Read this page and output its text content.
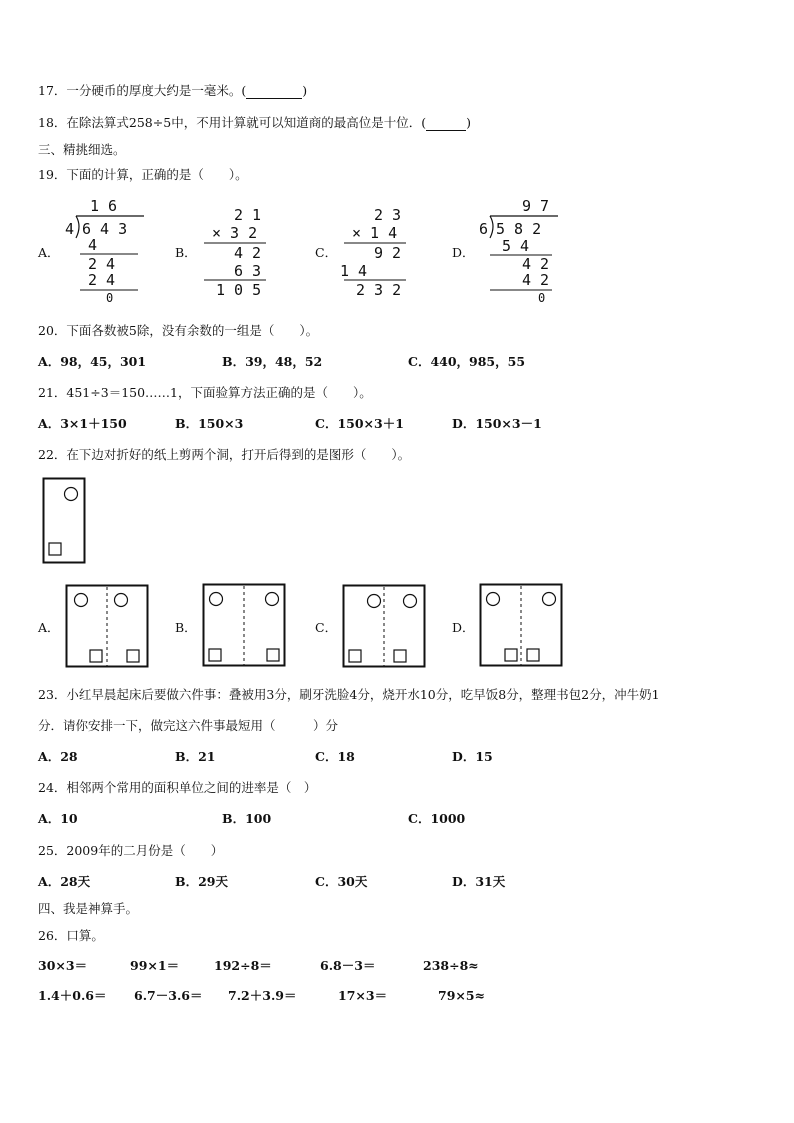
17．一分硬币的厚度大约是一毫米。(	)
18．在除法算式258÷5中，不用计算就可以知道商的最高位是十位．(	)
三、精挑细选。
19．下面的计算，正确的是（　　）。
A．
1 6
4 6 4 3
4
2 4
2 4
0
B．
2 1
× 3 2
4 2
6 3
1 0 5
C．
2 3
× 1 4
9 2
1 4
2 3 2
D．
9 7
6 5 8 2
5 4
4 2
4 2
0
20．下面各数被5除，没有余数的一组是（　　）。
A．98，45，301	B．39，48，52	C．440，985，55
21．451÷3＝150……1，下面验算方法正确的是（　　）。
A．3×1＋150	B．150×3	C．150×3＋1	D．150×3－1
22．在下边对折好的纸上剪两个洞，打开后得到的是图形（　　）。
A．	B．	C．	D．
23．小红早晨起床后要做六件事：叠被用3分，刷牙洗脸4分，烧开水10分，吃早饭8分，整理书包2分，冲牛奶1
分．请你安排一下，做完这六件事最短用（　　　）分
A．28	B．21	C．18	D．15
24．相邻两个常用的面积单位之间的进率是（　）
A．10	B．100	C．1000
25．2009年的二月份是（　　）
A．28天	B．29天	C．30天	D．31天
四、我是神算手。
26．口算。
30×3＝	99×1＝	192÷8＝	6.8－3＝	238÷8≈
1.4＋0.6＝ 6.7－3.6＝ 7.2＋3.9＝	17×3＝	79×5≈
